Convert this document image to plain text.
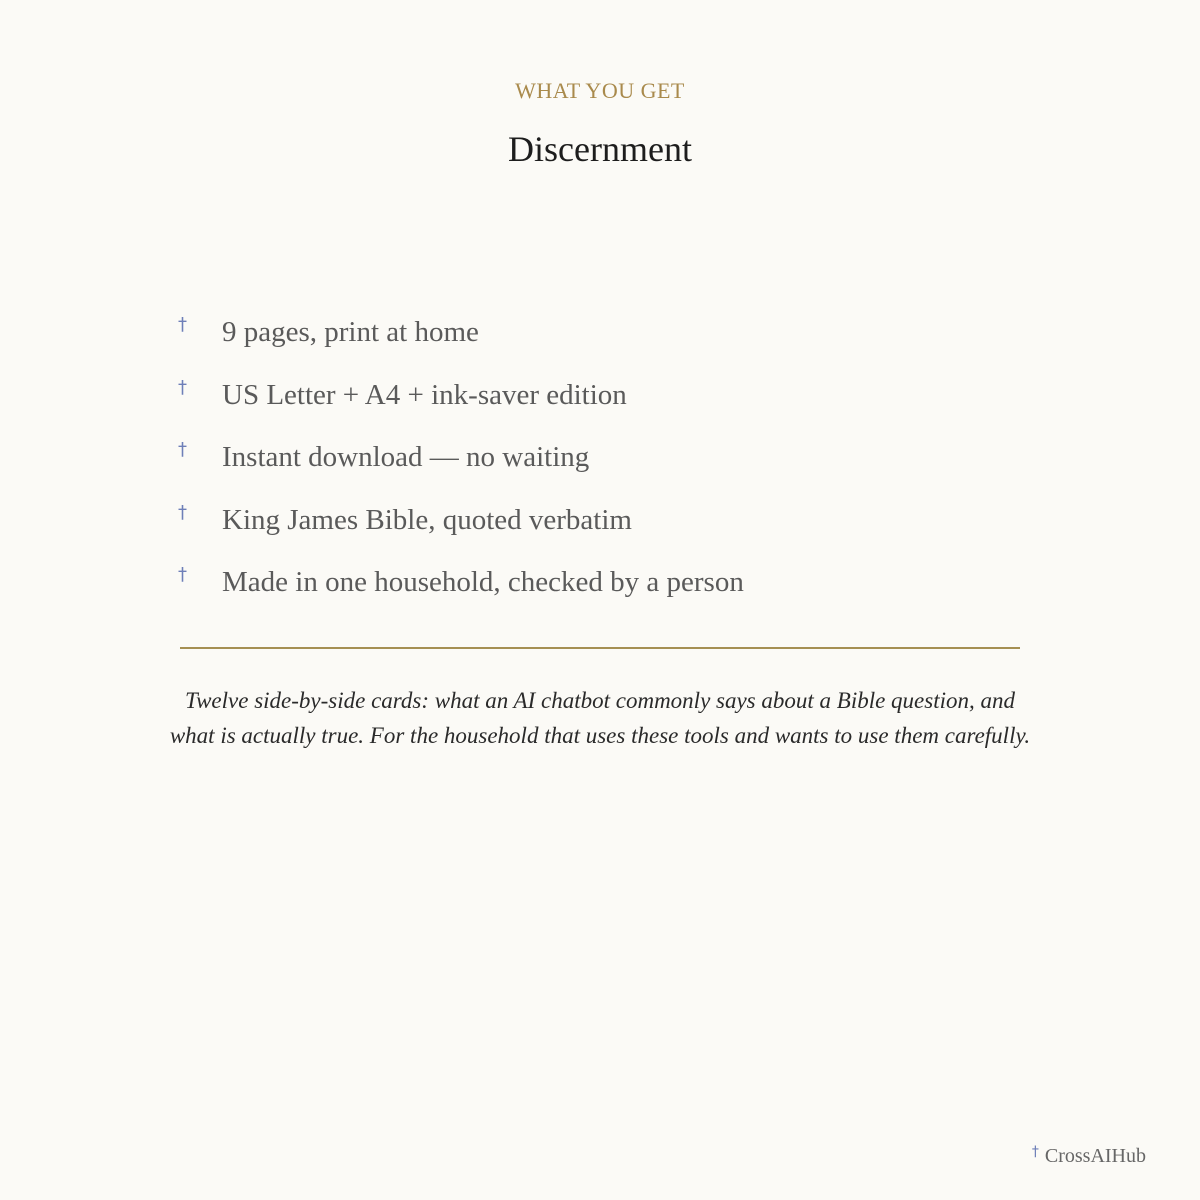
WHAT YOU GET
Discernment
† 9 pages, print at home
† US Letter + A4 + ink-saver edition
† Instant download — no waiting
† King James Bible, quoted verbatim
† Made in one household, checked by a person

Twelve side-by-side cards: what an AI chatbot commonly says about a Bible question, and what is actually true. For the household that uses these tools and wants to use them carefully.

† CrossAIHub
